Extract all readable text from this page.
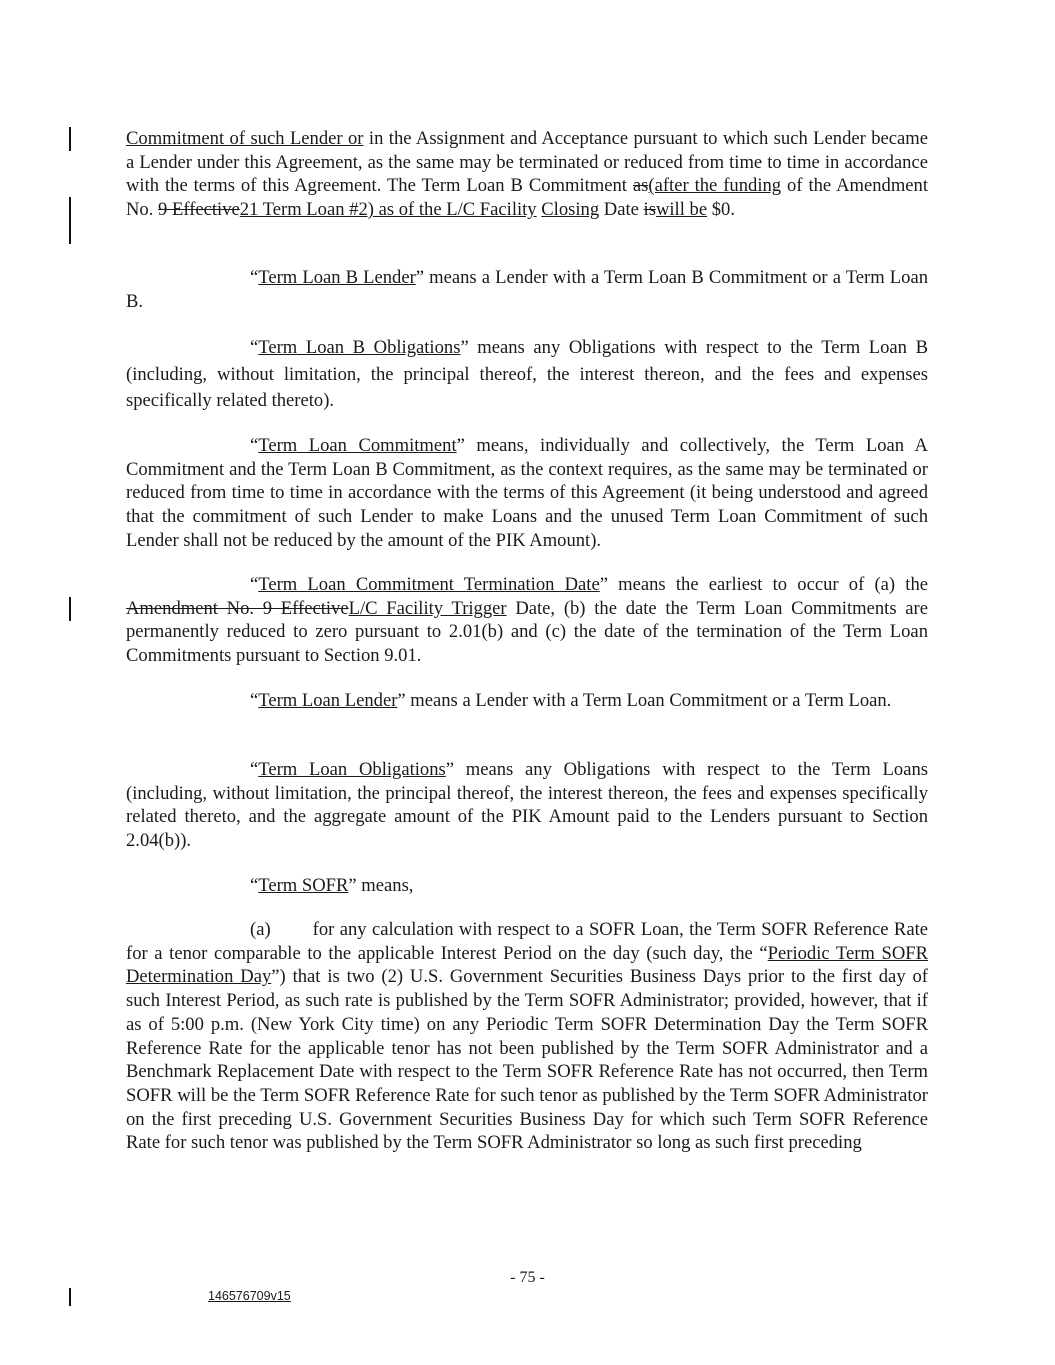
Commitment of such Lender or in the Assignment and Acceptance pursuant to which such Lender became a Lender under this Agreement, as the same may be terminated or reduced from time to time in accordance with the terms of this Agreement. The Term Loan B Commitment as(after the funding of the Amendment No. 9 Effective21 Term Loan #2) as of the L/C Facility Closing Date iswill be $0.

“Term Loan B Lender” means a Lender with a Term Loan B Commitment or a Term Loan B.

“Term Loan B Obligations” means any Obligations with respect to the Term Loan B (including, without limitation, the principal thereof, the interest thereon, and the fees and expenses specifically related thereto).

“Term Loan Commitment” means, individually and collectively, the Term Loan A Commitment and the Term Loan B Commitment, as the context requires, as the same may be terminated or reduced from time to time in accordance with the terms of this Agreement (it being understood and agreed that the commitment of such Lender to make Loans and the unused Term Loan Commitment of such Lender shall not be reduced by the amount of the PIK Amount).

“Term Loan Commitment Termination Date” means the earliest to occur of (a) the Amendment No. 9 EffectiveL/C Facility Trigger Date, (b) the date the Term Loan Commitments are permanently reduced to zero pursuant to 2.01(b) and (c) the date of the termination of the Term Loan Commitments pursuant to Section 9.01.

“Term Loan Lender” means a Lender with a Term Loan Commitment or a Term Loan.

“Term Loan Obligations” means any Obligations with respect to the Term Loans (including, without limitation, the principal thereof, the interest thereon, the fees and expenses specifically related thereto, and the aggregate amount of the PIK Amount paid to the Lenders pursuant to Section 2.04(b)).

“Term SOFR” means,

(a) for any calculation with respect to a SOFR Loan, the Term SOFR Reference Rate for a tenor comparable to the applicable Interest Period on the day (such day, the “Periodic Term SOFR Determination Day”) that is two (2) U.S. Government Securities Business Days prior to the first day of such Interest Period, as such rate is published by the Term SOFR Administrator; provided, however, that if as of 5:00 p.m. (New York City time) on any Periodic Term SOFR Determination Day the Term SOFR Reference Rate for the applicable tenor has not been published by the Term SOFR Administrator and a Benchmark Replacement Date with respect to the Term SOFR Reference Rate has not occurred, then Term SOFR will be the Term SOFR Reference Rate for such tenor as published by the Term SOFR Administrator on the first preceding U.S. Government Securities Business Day for which such Term SOFR Reference Rate for such tenor was published by the Term SOFR Administrator so long as such first preceding

- 75 -
146576709v15
